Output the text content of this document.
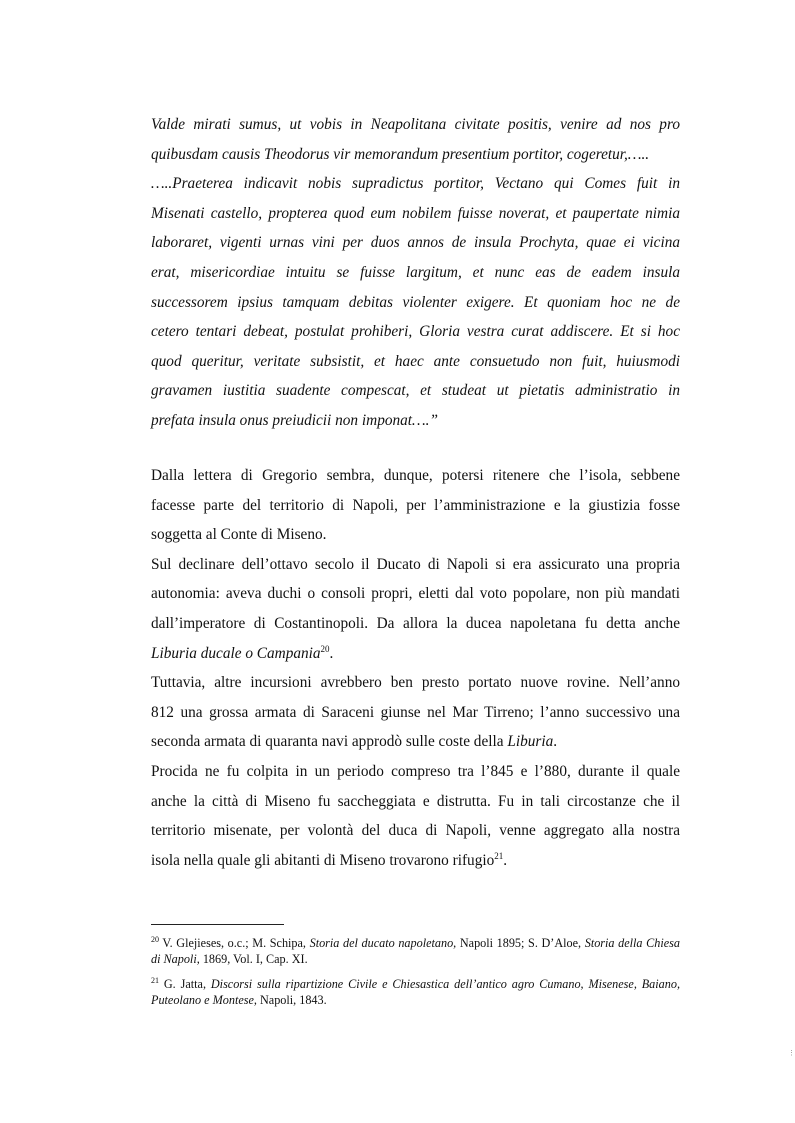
Valde mirati sumus, ut vobis in Neapolitana civitate positis, venire ad nos pro
quibusdam causis Theodorus vir memorandum presentium portitor, cogeretur,…..
…..Praeterea indicavit nobis supradictus portitor, Vectano qui Comes fuit in
Misenati castello, propterea quod eum nobilem fuisse noverat, et paupertate nimia
laboraret, vigenti urnas vini per duos annos de insula Prochyta, quae ei vicina
erat, misericordiae intuitu se fuisse largitum, et nunc eas de eadem insula
successorem ipsius tamquam debitas violenter exigere. Et quoniam hoc ne de
cetero tentari debeat, postulat prohiberi, Gloria vestra curat addiscere. Et si hoc
quod queritur, veritate subsistit, et haec ante consuetudo non fuit, huiusmodi
gravamen iustitia suadente compescat, et studeat ut pietatis administratio in
prefata insula onus preiudicii non imponat….”
Dalla lettera di Gregorio sembra, dunque, potersi ritenere che l’isola, sebbene
facesse parte del territorio di Napoli, per l’amministrazione e la giustizia fosse
soggetta al Conte di Miseno.
Sul declinare dell’ottavo secolo il Ducato di Napoli si era assicurato una propria
autonomia: aveva duchi o consoli propri, eletti dal voto popolare, non più mandati
dall’imperatore di Costantinopoli. Da allora la ducea napoletana fu detta anche
Liburia ducale o Campania$^{20}$.
Tuttavia, altre incursioni avrebbero ben presto portato nuove rovine. Nell’anno
812 una grossa armata di Saraceni giunse nel Mar Tirreno; l’anno successivo una
seconda armata di quaranta navi approdò sulle coste della Liburia.
Procida ne fu colpita in un periodo compreso tra l’845 e l’880, durante il quale
anche la città di Miseno fu saccheggiata e distrutta. Fu in tali circostanze che il
territorio misenate, per volontà del duca di Napoli, venne aggregato alla nostra
isola nella quale gli abitanti di Miseno trovarono rifugio$^{21}$.

$^{20}$ V. Glejieses, o.c.; M. Schipa, Storia del ducato napoletano, Napoli 1895; S. D’Aloe, Storia della Chiesa di Napoli, 1869, Vol. I, Cap. XI.

$^{21}$ G. Jatta, Discorsi sulla ripartizione Civile e Chiesastica dell’antico agro Cumano, Misenese, Baiano, Puteolano e Montese, Napoli, 1843.

⋮
